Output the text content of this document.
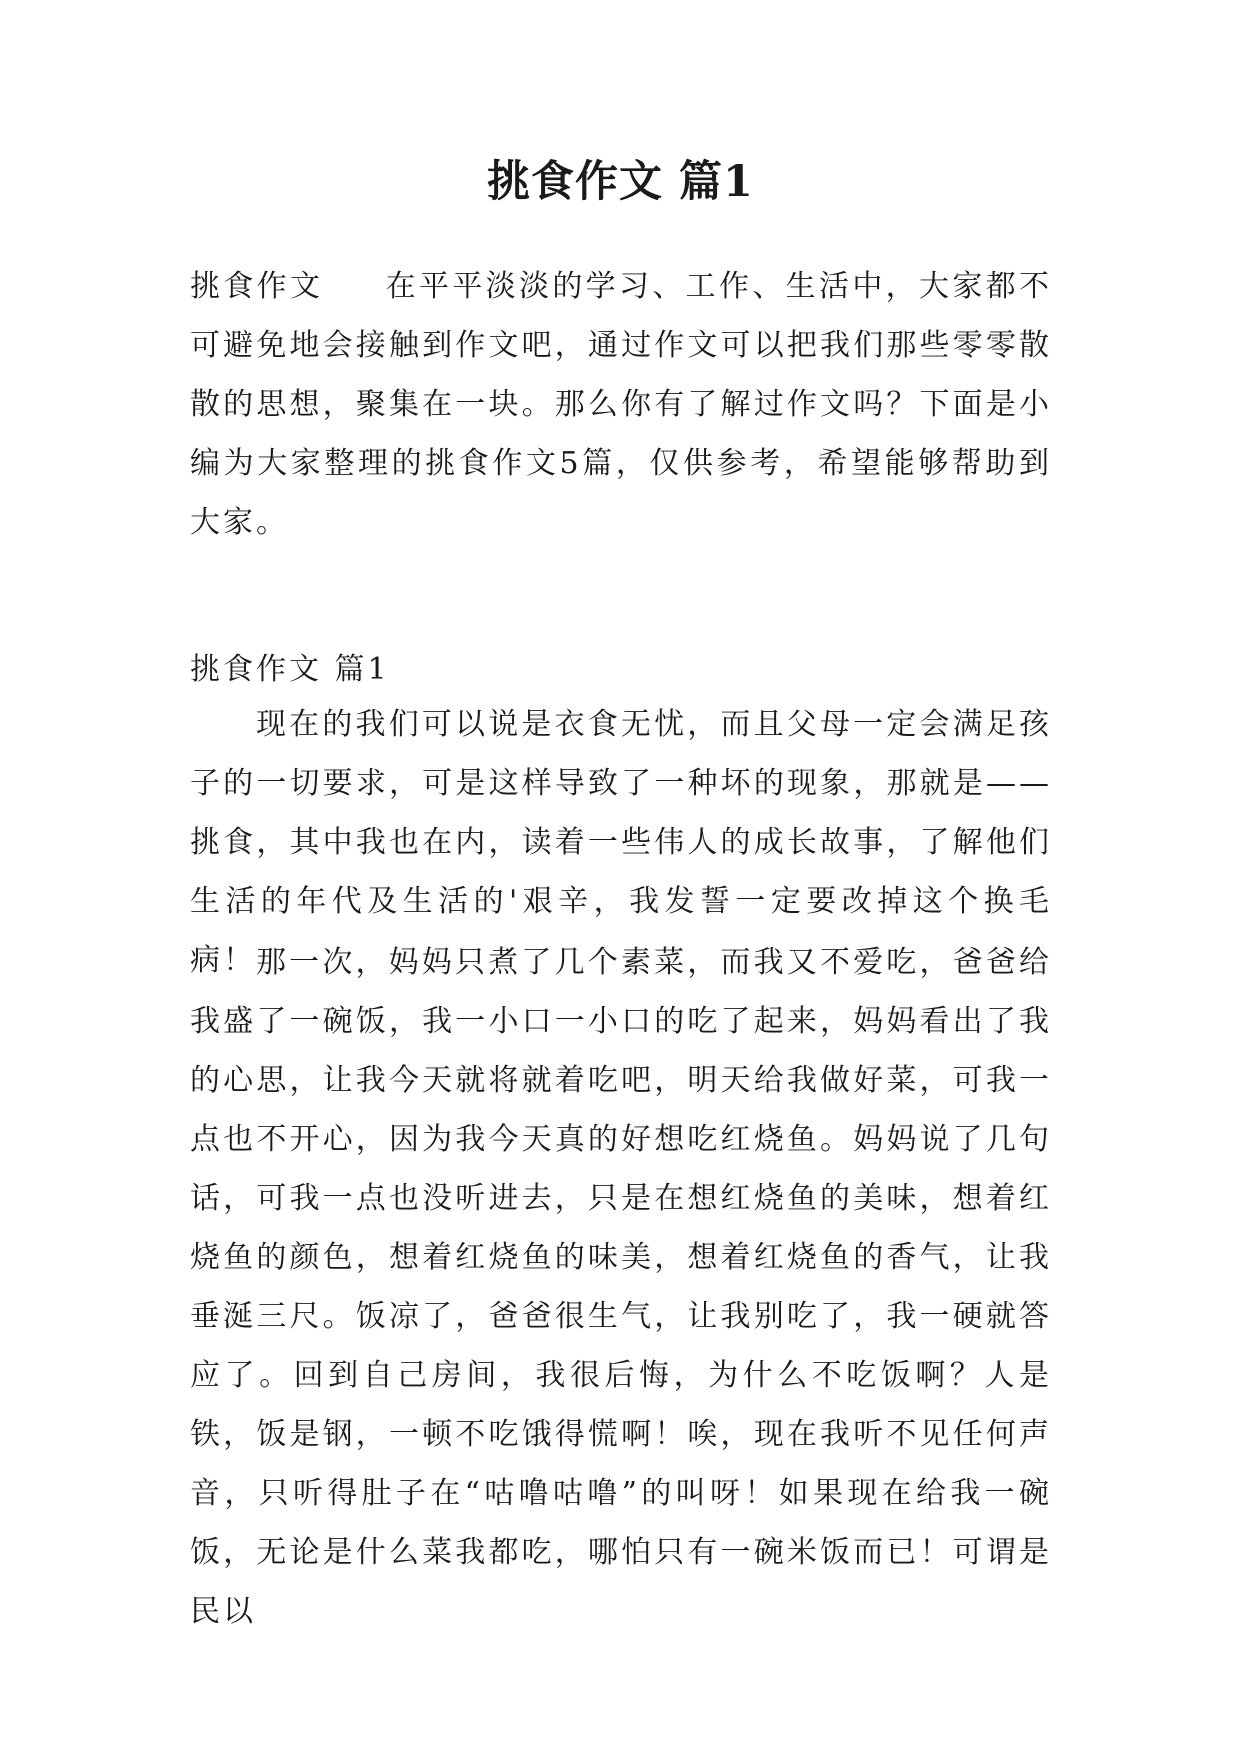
挑食作文 篇1

挑食作文 在平平淡淡的学习、工作、生活中，大家都不可避免地会接触到作文吧，通过作文可以把我们那些零零散散的思想，聚集在一块。那么你有了解过作文吗？下面是小编为大家整理的挑食作文5篇，仅供参考，希望能够帮助到大家。

挑食作文 篇1

现在的我们可以说是衣食无忧，而且父母一定会满足孩子的一切要求，可是这样导致了一种坏的现象，那就是——挑食，其中我也在内，读着一些伟人的成长故事，了解他们生活的年代及生活的'艰辛，我发誓一定要改掉这个换毛病！ 那一次，妈妈只煮了几个素菜，而我又不爱吃，爸爸给我盛了一碗饭，我一小口一小口的吃了起来，妈妈看出了我的心思，让我今天就将就着吃吧，明天给我做好菜，可我一点也不开心，因为我今天真的好想吃红烧鱼。妈妈说了几句话，可我一点也没听进去，只是在想红烧鱼的美味，想着红烧鱼的颜色，想着红烧鱼的味美，想着红烧鱼的香气，让我垂涎三尺。饭凉了，爸爸很生气，让我别吃了，我一硬就答应了。回到自己房间，我很后悔，为什么不吃饭啊？人是铁，饭是钢，一顿不吃饿得慌啊！唉，现在我听不见任何声音，只听得肚子在“咕噜咕噜”的叫呀！如果现在给我一碗饭，无论是什么菜我都吃，哪怕只有一碗米饭而已！可谓是民以
